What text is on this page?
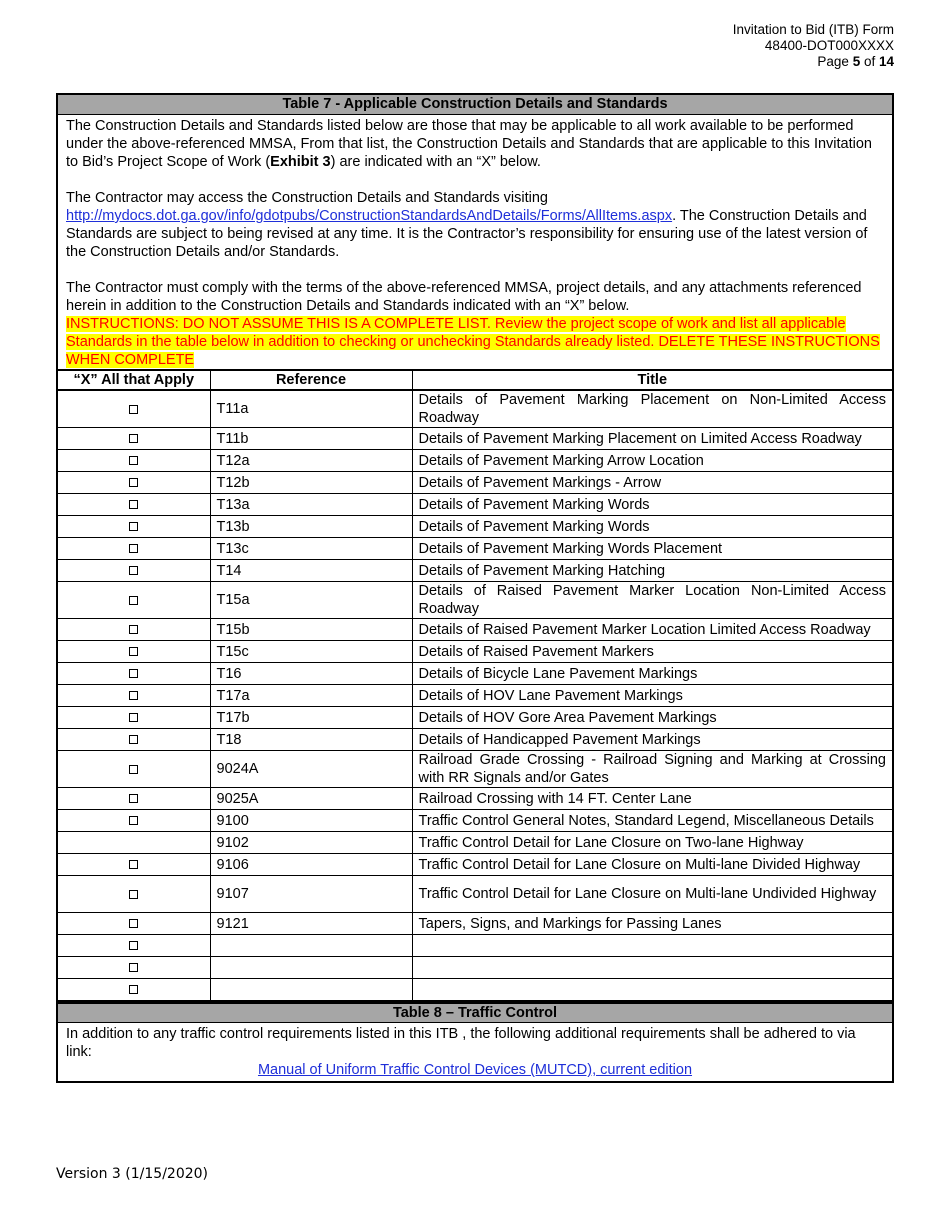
Invitation to Bid (ITB) Form
48400-DOT000XXXX
Page 5 of 14
Table 7 - Applicable Construction Details and Standards

The Construction Details and Standards listed below are those that may be applicable to all work available to be performed under the above-referenced MMSA, From that list, the Construction Details and Standards that are applicable to this Invitation to Bid’s Project Scope of Work (Exhibit 3) are indicated with an “X” below.

The Contractor may access the Construction Details and Standards visiting http://mydocs.dot.ga.gov/info/gdotpubs/ConstructionStandardsAndDetails/Forms/AllItems.aspx. The Construction Details and Standards are subject to being revised at any time. It is the Contractor’s responsibility for ensuring use of the latest version of the Construction Details and/or Standards.

The Contractor must comply with the terms of the above-referenced MMSA, project details, and any attachments referenced herein in addition to the Construction Details and Standards indicated with an “X” below.

INSTRUCTIONS: DO NOT ASSUME THIS IS A COMPLETE LIST. Review the project scope of work and list all applicable Standards in the table below in addition to checking or unchecking Standards already listed. DELETE THESE INSTRUCTIONS WHEN COMPLETE

“X” All that Apply	Reference	Title
	T11a	Details of Pavement Marking Placement on Non-Limited Access Roadway
	T11b	Details of Pavement Marking Placement on Limited Access Roadway
	T12a	Details of Pavement Marking Arrow Location
	T12b	Details of Pavement Markings - Arrow
	T13a	Details of Pavement Marking Words
	T13b	Details of Pavement Marking Words
	T13c	Details of Pavement Marking Words Placement
	T14	Details of Pavement Marking Hatching
	T15a	Details of Raised Pavement Marker Location Non-Limited Access Roadway
	T15b	Details of Raised Pavement Marker Location Limited Access Roadway
	T15c	Details of Raised Pavement Markers
	T16	Details of Bicycle Lane Pavement Markings
	T17a	Details of HOV Lane Pavement Markings
	T17b	Details of HOV Gore Area Pavement Markings
	T18	Details of Handicapped Pavement Markings
	9024A	Railroad Grade Crossing - Railroad Signing and Marking at Crossing with RR Signals and/or Gates
	9025A	Railroad Crossing with 14 FT. Center Lane
	9100	Traffic Control General Notes, Standard Legend, Miscellaneous Details
	9102	Traffic Control Detail for Lane Closure on Two-lane Highway
	9106	Traffic Control Detail for Lane Closure on Multi-lane Divided Highway
	9107	Traffic Control Detail for Lane Closure on Multi-lane Undivided Highway
	9121	Tapers, Signs, and Markings for Passing Lanes

Table 8 – Traffic Control
In addition to any traffic control requirements listed in this ITB , the following additional requirements shall be adhered to via link:
Manual of Uniform Traffic Control Devices (MUTCD), current edition
Version 3 (1/15/2020)
